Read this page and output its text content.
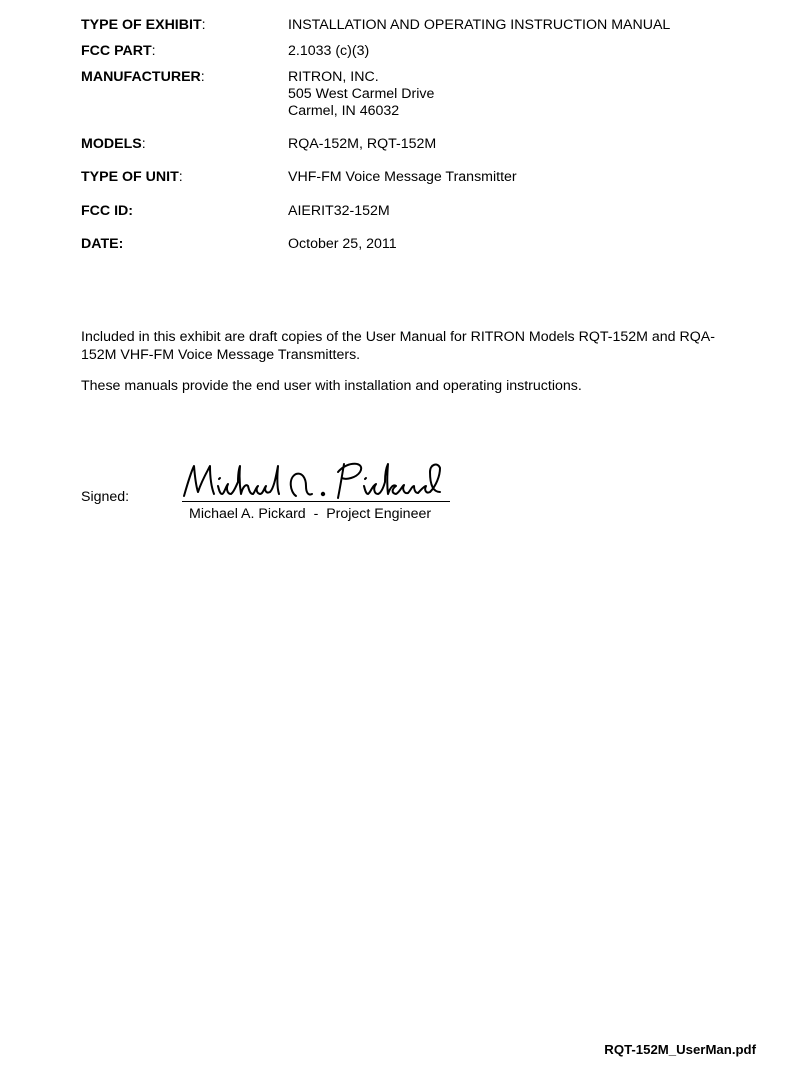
TYPE OF EXHIBIT:	INSTALLATION AND OPERATING INSTRUCTION MANUAL
FCC PART:	2.1033 (c)(3)
MANUFACTURER:	RITRON, INC.
505 West Carmel Drive
Carmel, IN 46032
MODELS:	RQA-152M, RQT-152M
TYPE OF UNIT:	VHF-FM Voice Message Transmitter
FCC ID:	AIERIT32-152M
DATE:	October 25, 2011
Included in this exhibit are draft copies of the User Manual for RITRON Models RQT-152M and RQA-152M VHF-FM Voice Message Transmitters.
These manuals provide the end user with installation and operating instructions.
Signed:
Michael A. Pickard  -  Project Engineer
RQT-152M_UserMan.pdf
